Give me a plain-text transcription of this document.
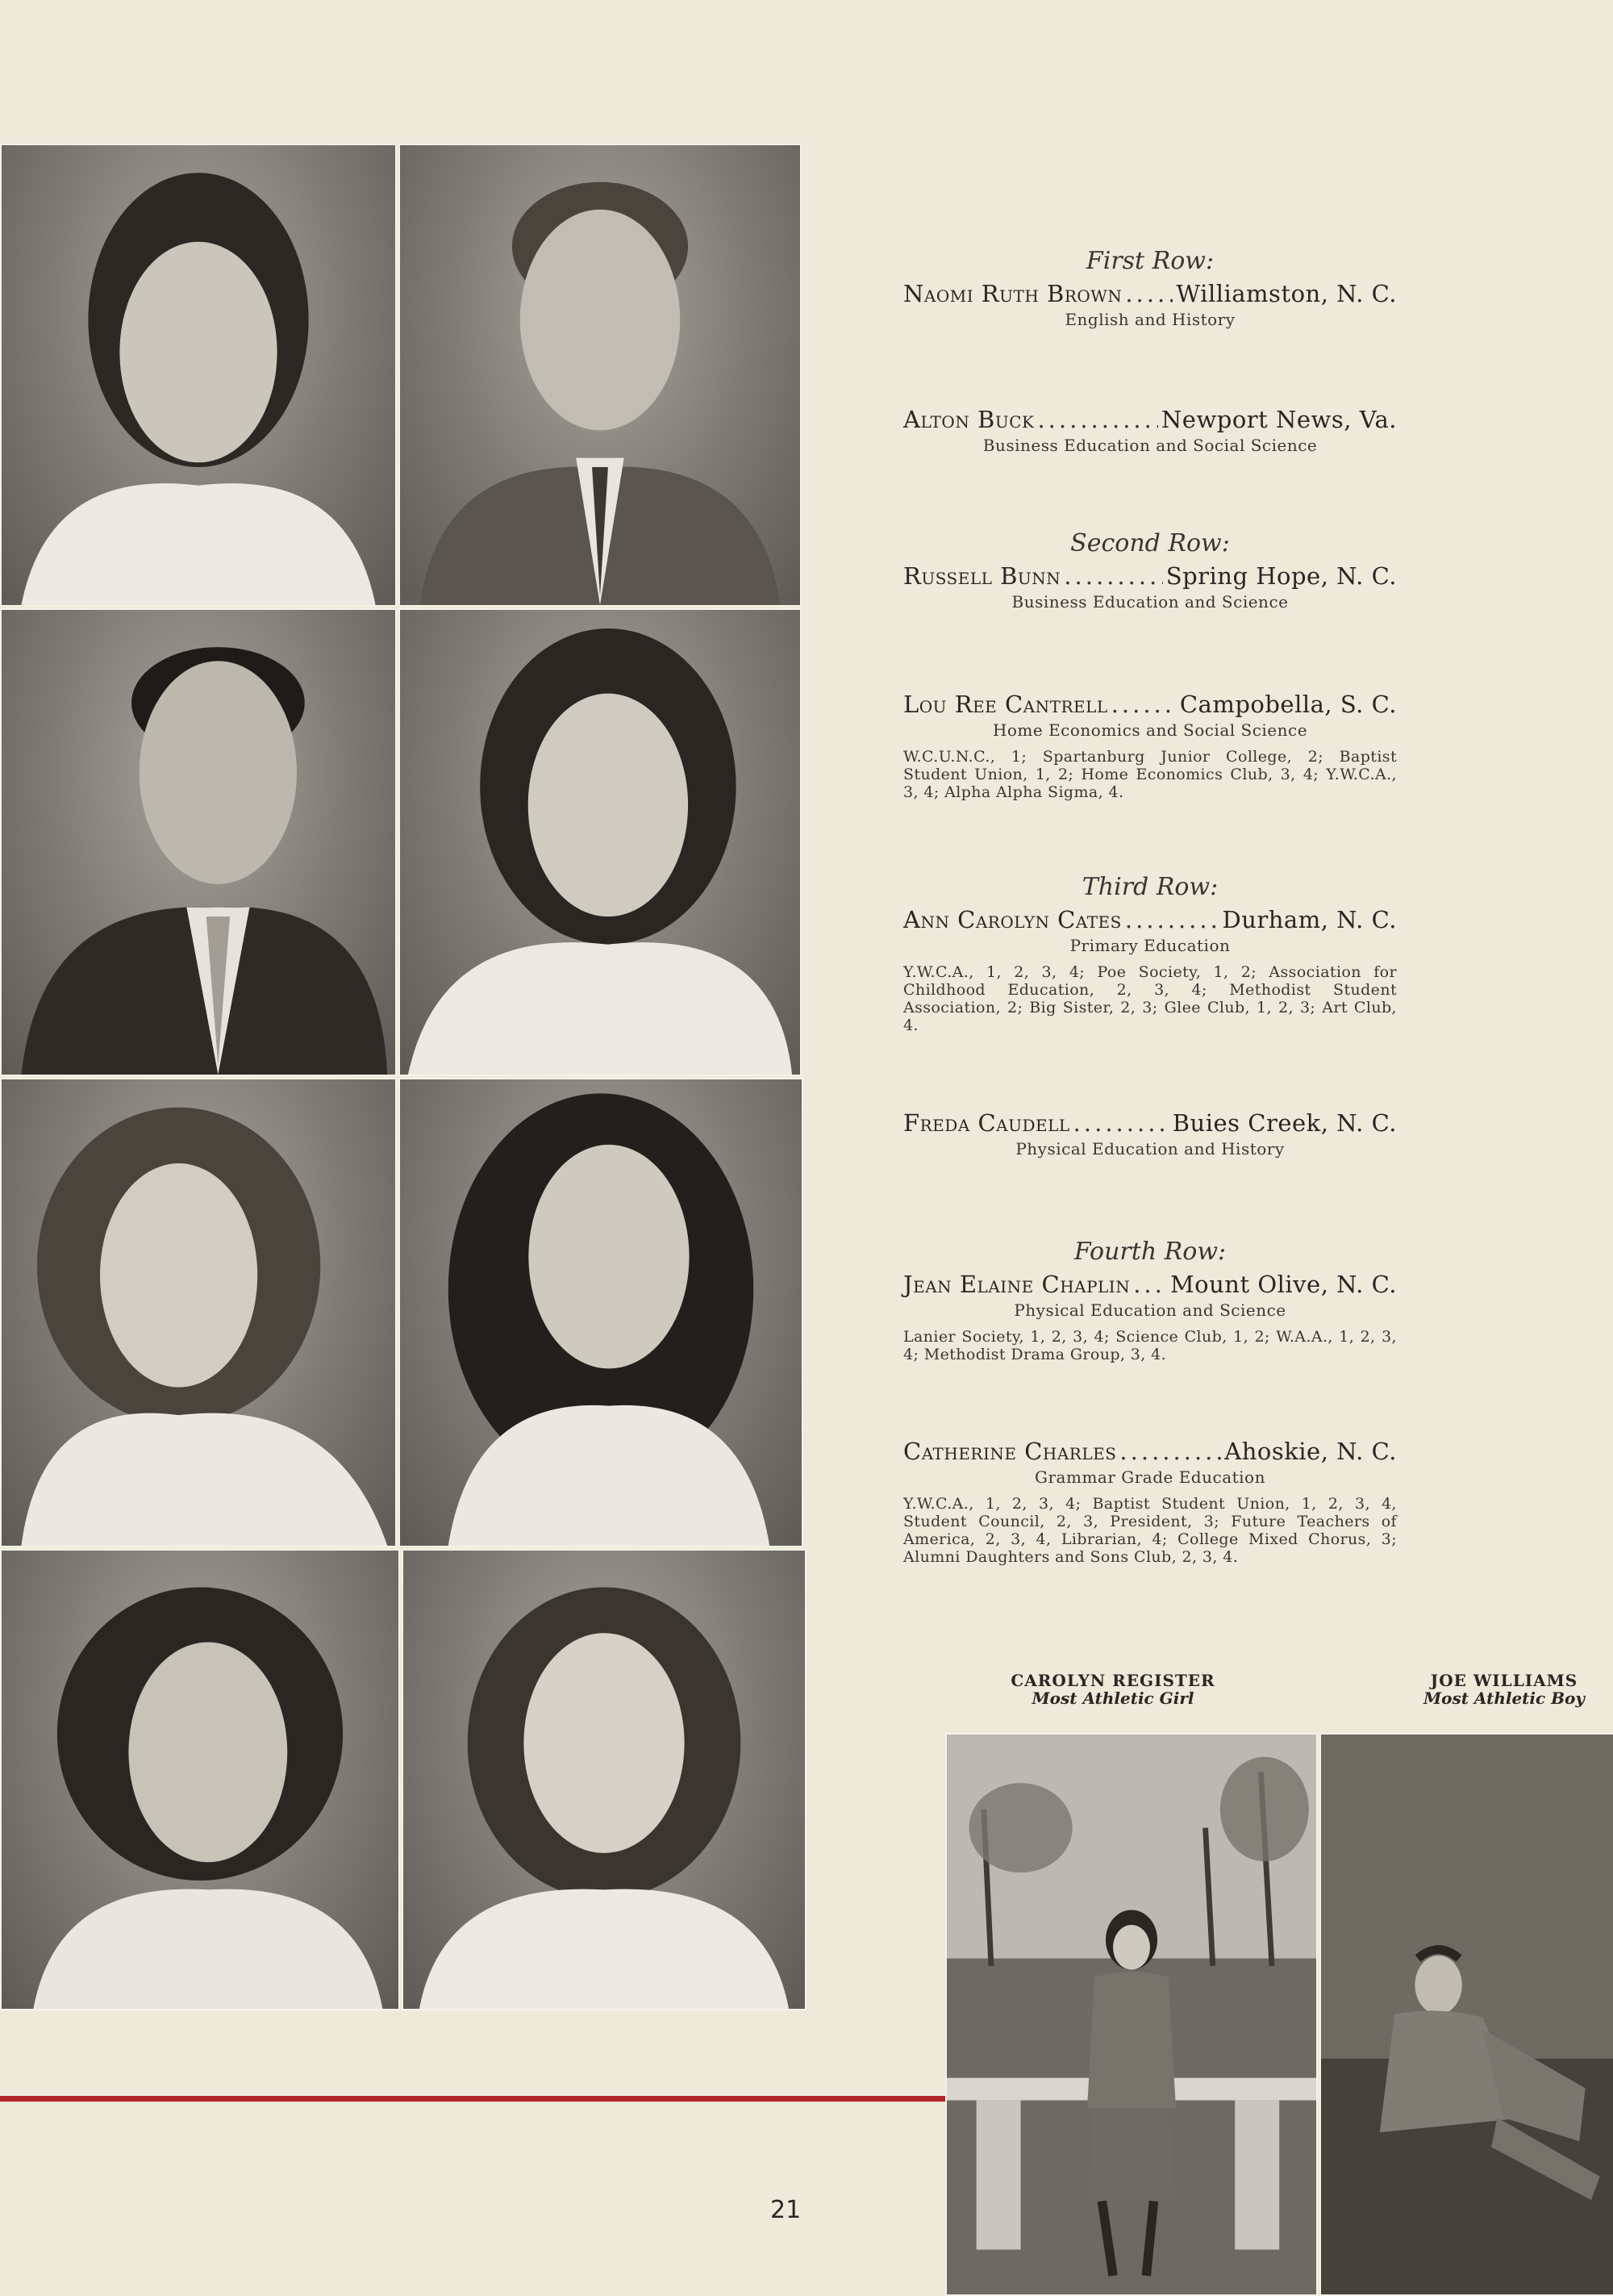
First Row:
Naomi Ruth Brown ..... Williamston, N. C.
English and History
Alton Buck .....	Newport News, Va.
Business Education and Social Science
Second Row:
Russell Bunn .....	Spring Hope, N. C.
Business Education and Science
Lou Ree Cantrell .....	Campobella, S. C.
Home Economics and Social Science
W.C.U.N.C., 1; Spartanburg Junior College, 2; Baptist Student Union, 1, 2; Home Economics Club, 3, 4; Y.W.C.A., 3, 4; Alpha Alpha Sigma, 4.
Third Row:
Ann Carolyn Cates .....	Durham, N. C.
Primary Education
Y.W.C.A., 1, 2, 3, 4; Poe Society, 1, 2; Association for Childhood Education, 2, 3, 4; Methodist Student Association, 2; Big Sister, 2, 3; Glee Club, 1, 2, 3; Art Club, 4.
Freda Caudell .....	Buies Creek, N. C.
Physical Education and History
Fourth Row:
Jean Elaine Chaplin ..... Mount Olive, N. C.
Physical Education and Science
Lanier Society, 1, 2, 3, 4; Science Club, 1, 2; W.A.A., 1, 2, 3, 4; Methodist Drama Group, 3, 4.
Catherine Charles .....	Ahoskie, N. C.
Grammar Grade Education
Y.W.C.A., 1, 2, 3, 4; Baptist Student Union, 1, 2, 3, 4, Student Council, 2, 3, President, 3; Future Teachers of America, 2, 3, 4, Librarian, 4; College Mixed Chorus, 3; Alumni Daughters and Sons Club, 2, 3, 4.
CAROLYN REGISTER
Most Athletic Girl
JOE WILLIAMS
Most Athletic Boy
21
